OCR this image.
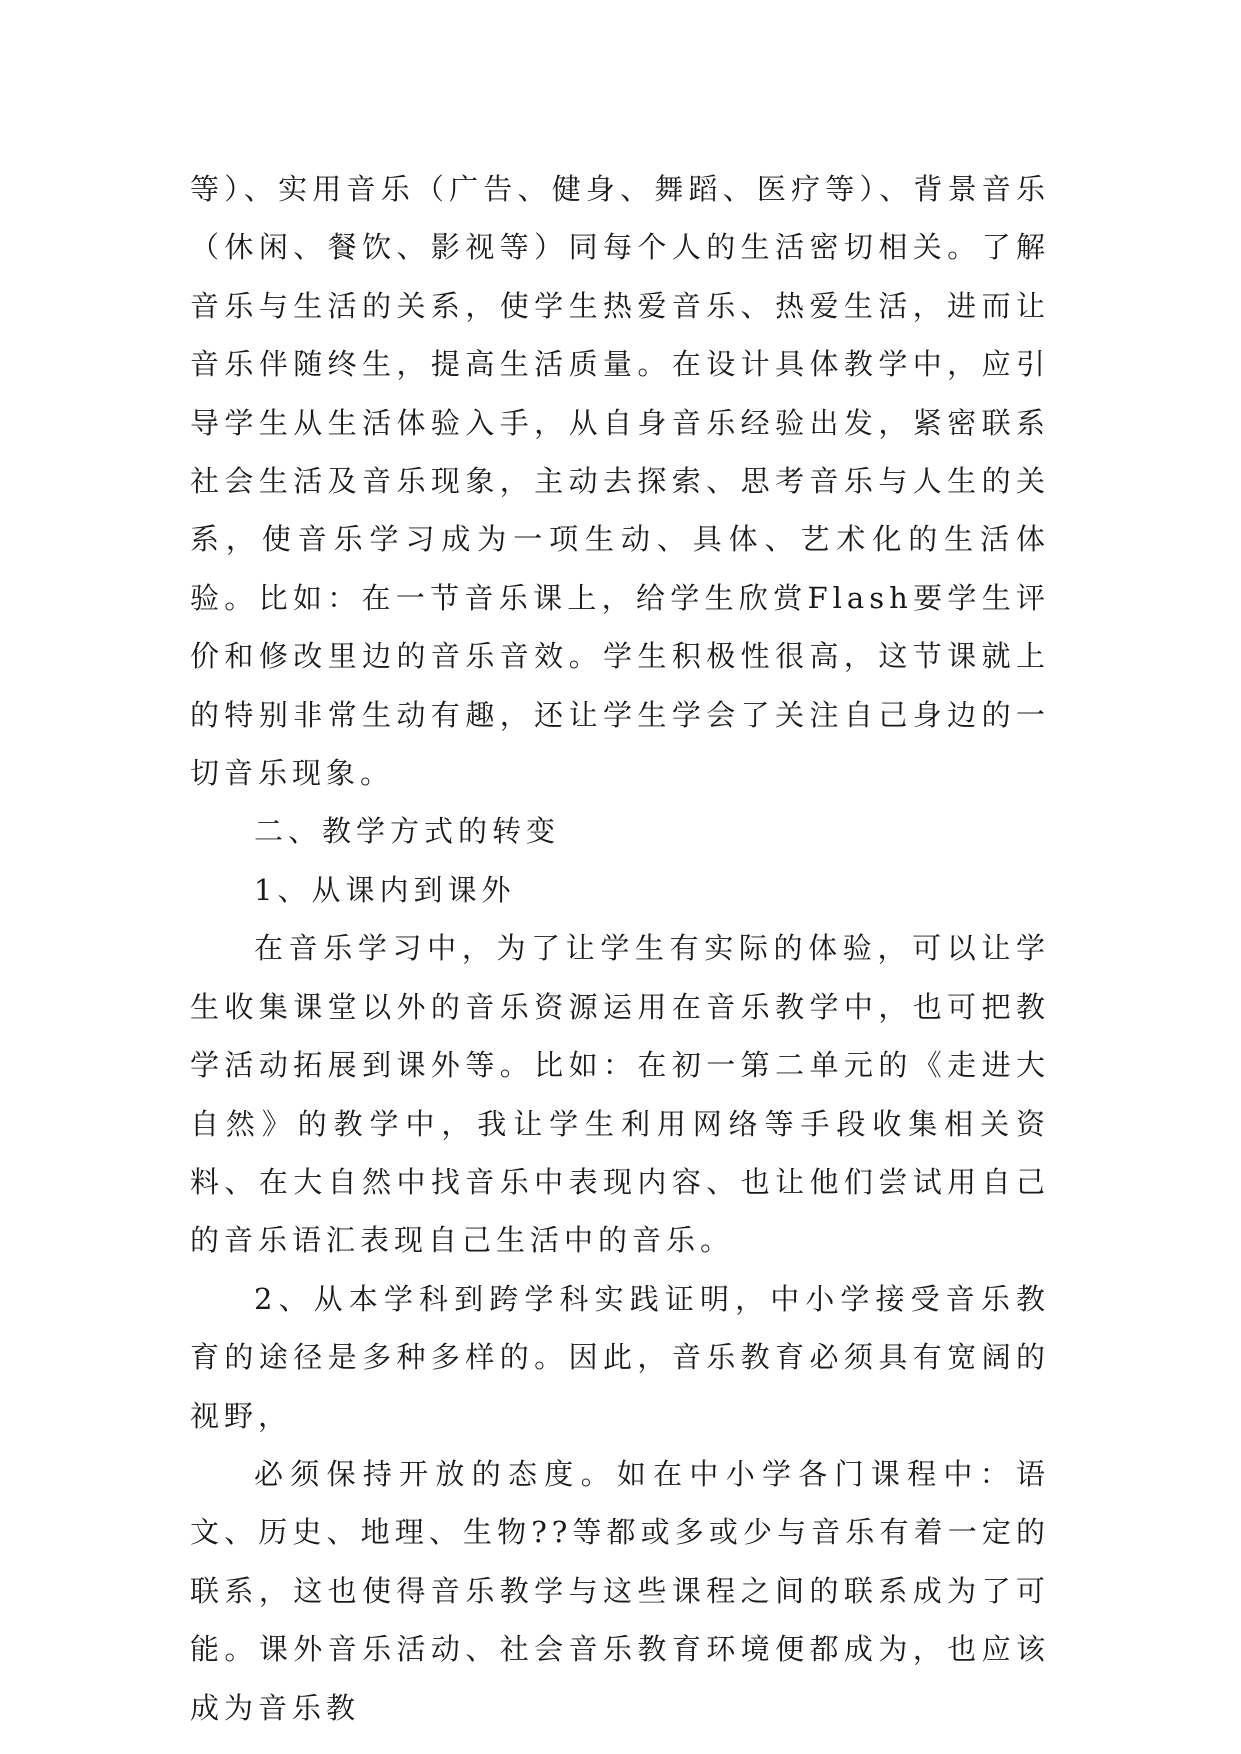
等）、实用音乐（广告、健身、舞蹈、医疗等）、背景音乐（休闲、餐饮、影视等）同每个人的生活密切相关。了解音乐与生活的关系，使学生热爱音乐、热爱生活，进而让音乐伴随终生，提高生活质量。在设计具体教学中，应引导学生从生活体验入手，从自身音乐经验出发，紧密联系社会生活及音乐现象，主动去探索、思考音乐与人生的关系，使音乐学习成为一项生动、具体、艺术化的生活体验。比如：在一节音乐课上，给学生欣赏Flash要学生评价和修改里边的音乐音效。学生积极性很高，这节课就上的特别非常生动有趣，还让学生学会了关注自己身边的一切音乐现象。

二、教学方式的转变

1、从课内到课外

在音乐学习中，为了让学生有实际的体验，可以让学生收集课堂以外的音乐资源运用在音乐教学中，也可把教学活动拓展到课外等。比如：在初一第二单元的《走进大自然》的教学中，我让学生利用网络等手段收集相关资料、在大自然中找音乐中表现内容、也让他们尝试用自己的音乐语汇表现自己生活中的音乐。

2、从本学科到跨学科实践证明，中小学接受音乐教育的途径是多种多样的。因此，音乐教育必须具有宽阔的视野，

必须保持开放的态度。如在中小学各门课程中：语文、历史、地理、生物??等都或多或少与音乐有着一定的联系，这也使得音乐教学与这些课程之间的联系成为了可能。课外音乐活动、社会音乐教育环境便都成为，也应该成为音乐教
